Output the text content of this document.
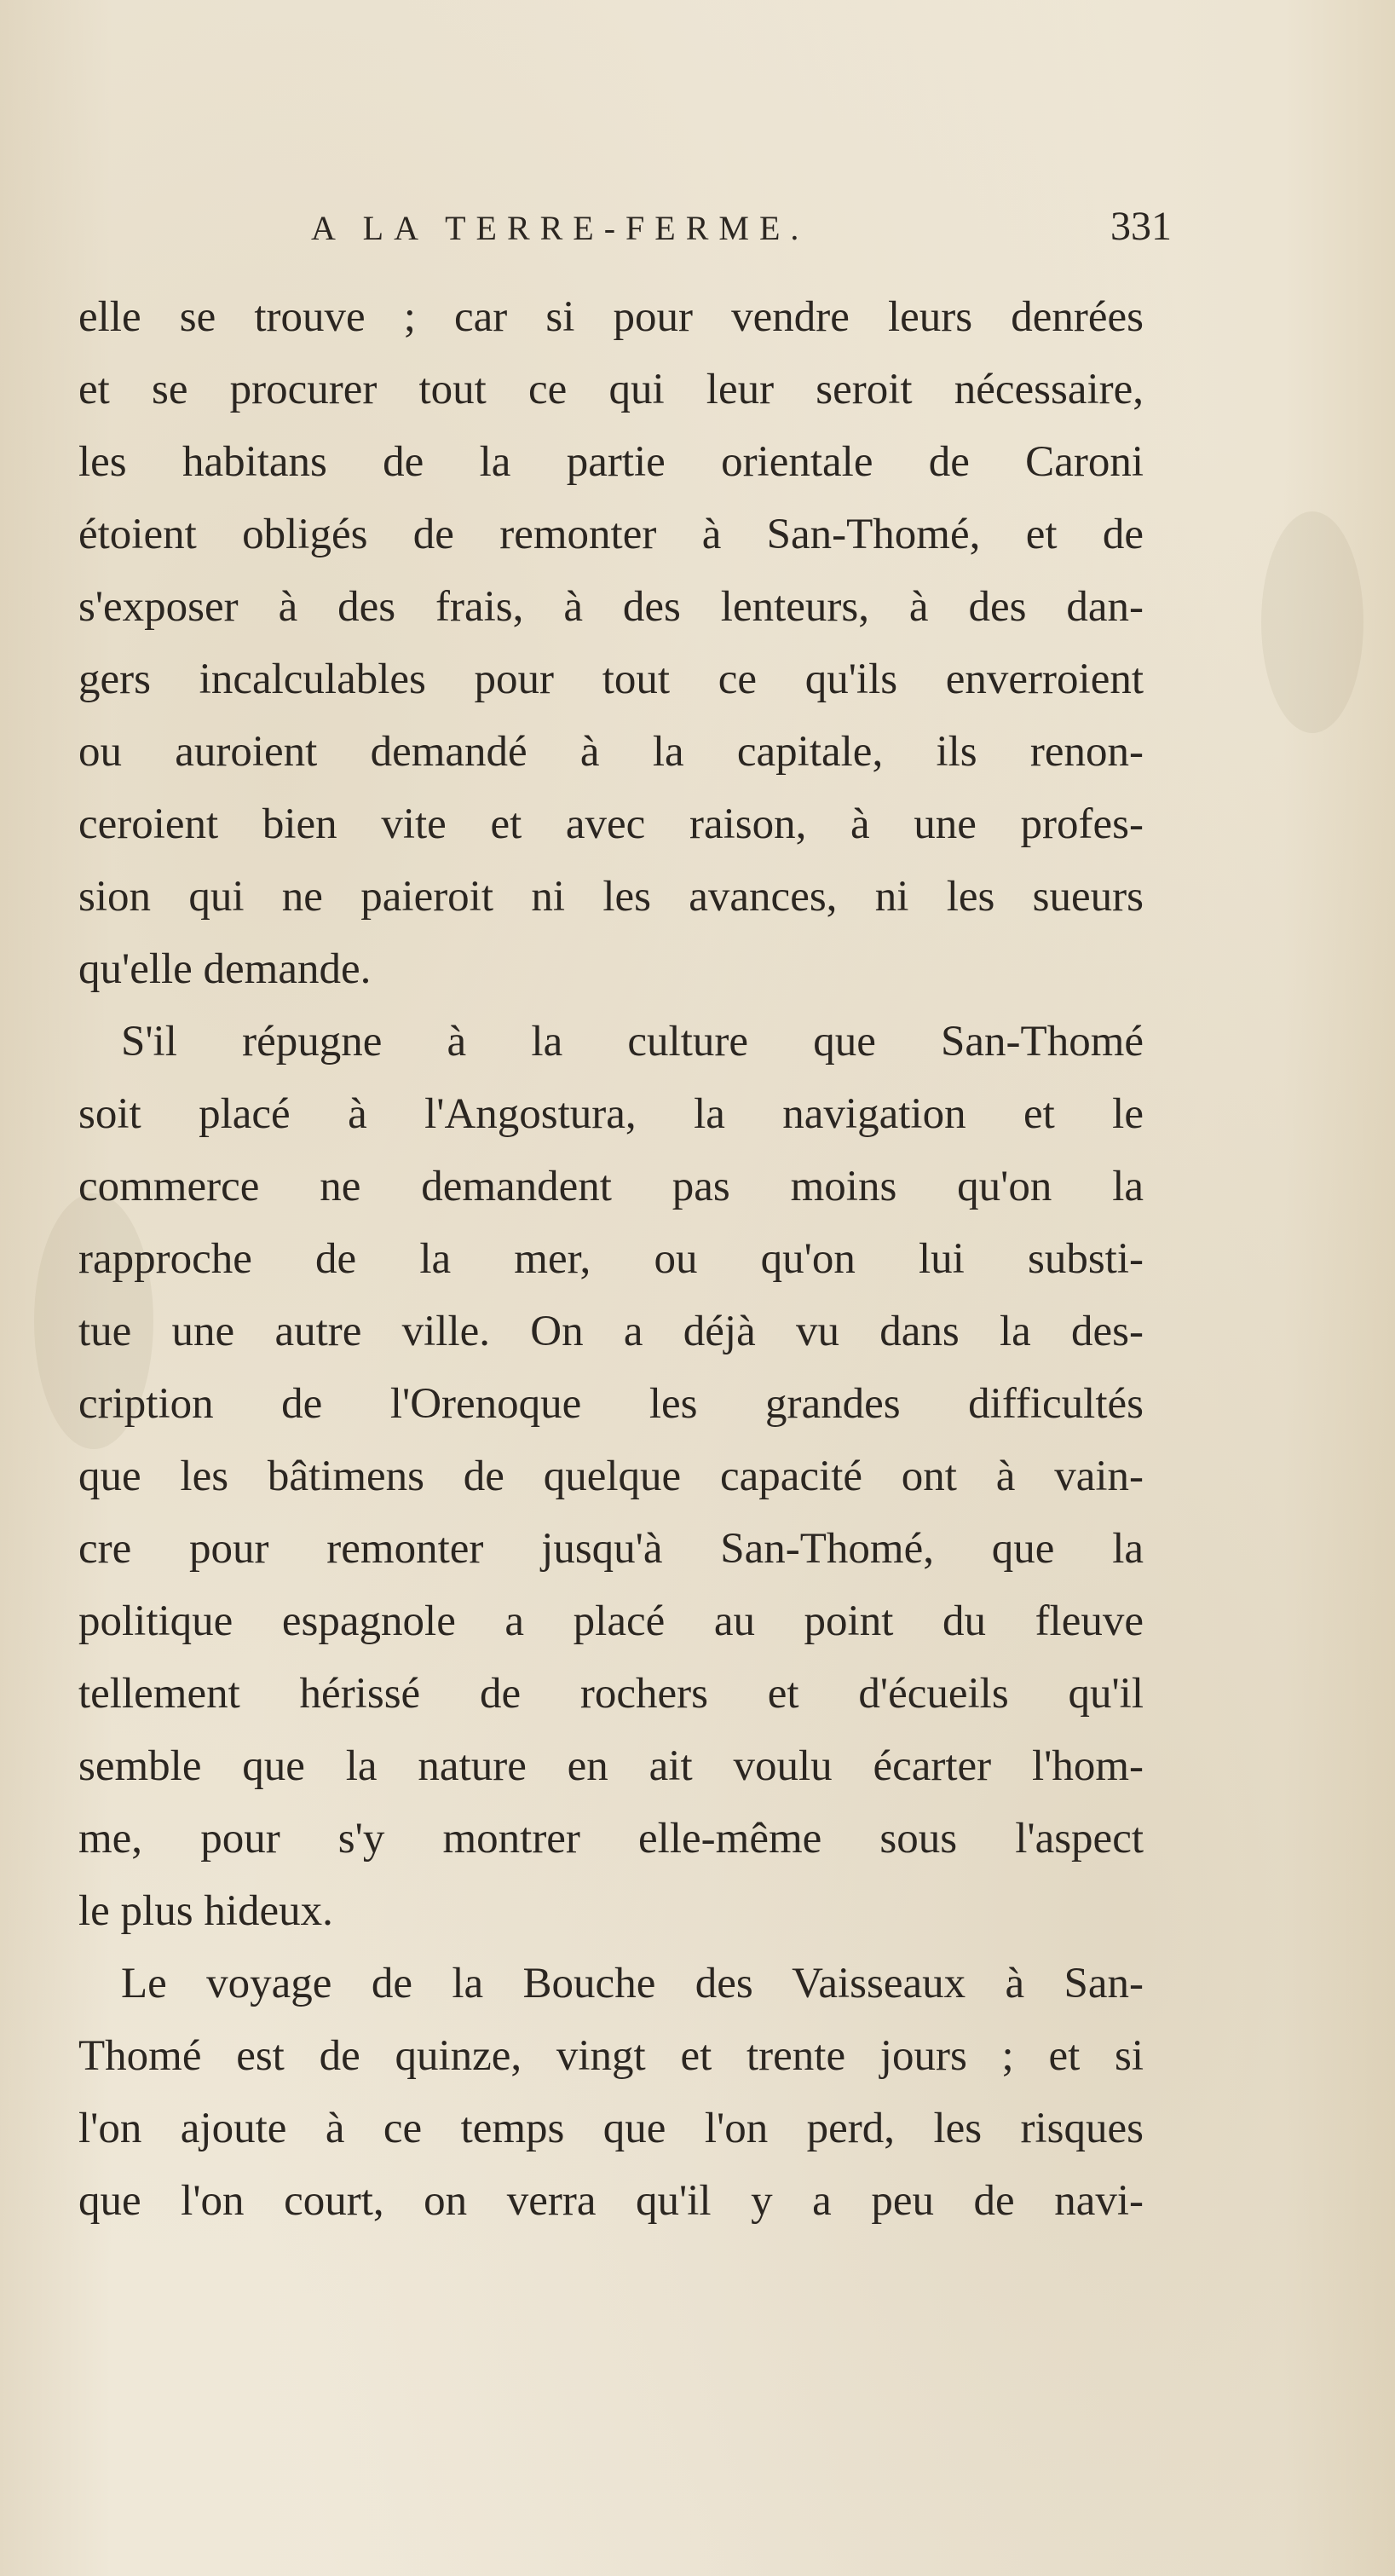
A LA TERRE-FERME.	331
elle se trouve ; car si pour vendre leurs denrées
et se procurer tout ce qui leur seroit nécessaire,
les habitans de la partie orientale de Caroni
étoient obligés de remonter à San-Thomé, et de
s'exposer à des frais, à des lenteurs, à des dan-
gers incalculables pour tout ce qu'ils enverroient
ou auroient demandé à la capitale, ils renon-
ceroient bien vite et avec raison, à une profes-
sion qui ne paieroit ni les avances, ni les sueurs
qu'elle demande.
S'il répugne à la culture que San-Thomé
soit placé à l'Angostura, la navigation et le
commerce ne demandent pas moins qu'on la
rapproche de la mer, ou qu'on lui substi-
tue une autre ville. On a déjà vu dans la des-
cription de l'Orenoque les grandes difficultés
que les bâtimens de quelque capacité ont à vain-
cre pour remonter jusqu'à San-Thomé, que la
politique espagnole a placé au point du fleuve
tellement hérissé de rochers et d'écueils qu'il
semble que la nature en ait voulu écarter l'hom-
me, pour s'y montrer elle-même sous l'aspect
le plus hideux.
Le voyage de la Bouche des Vaisseaux à San-
Thomé est de quinze, vingt et trente jours ; et si
l'on ajoute à ce temps que l'on perd, les risques
que l'on court, on verra qu'il y a peu de navi-
